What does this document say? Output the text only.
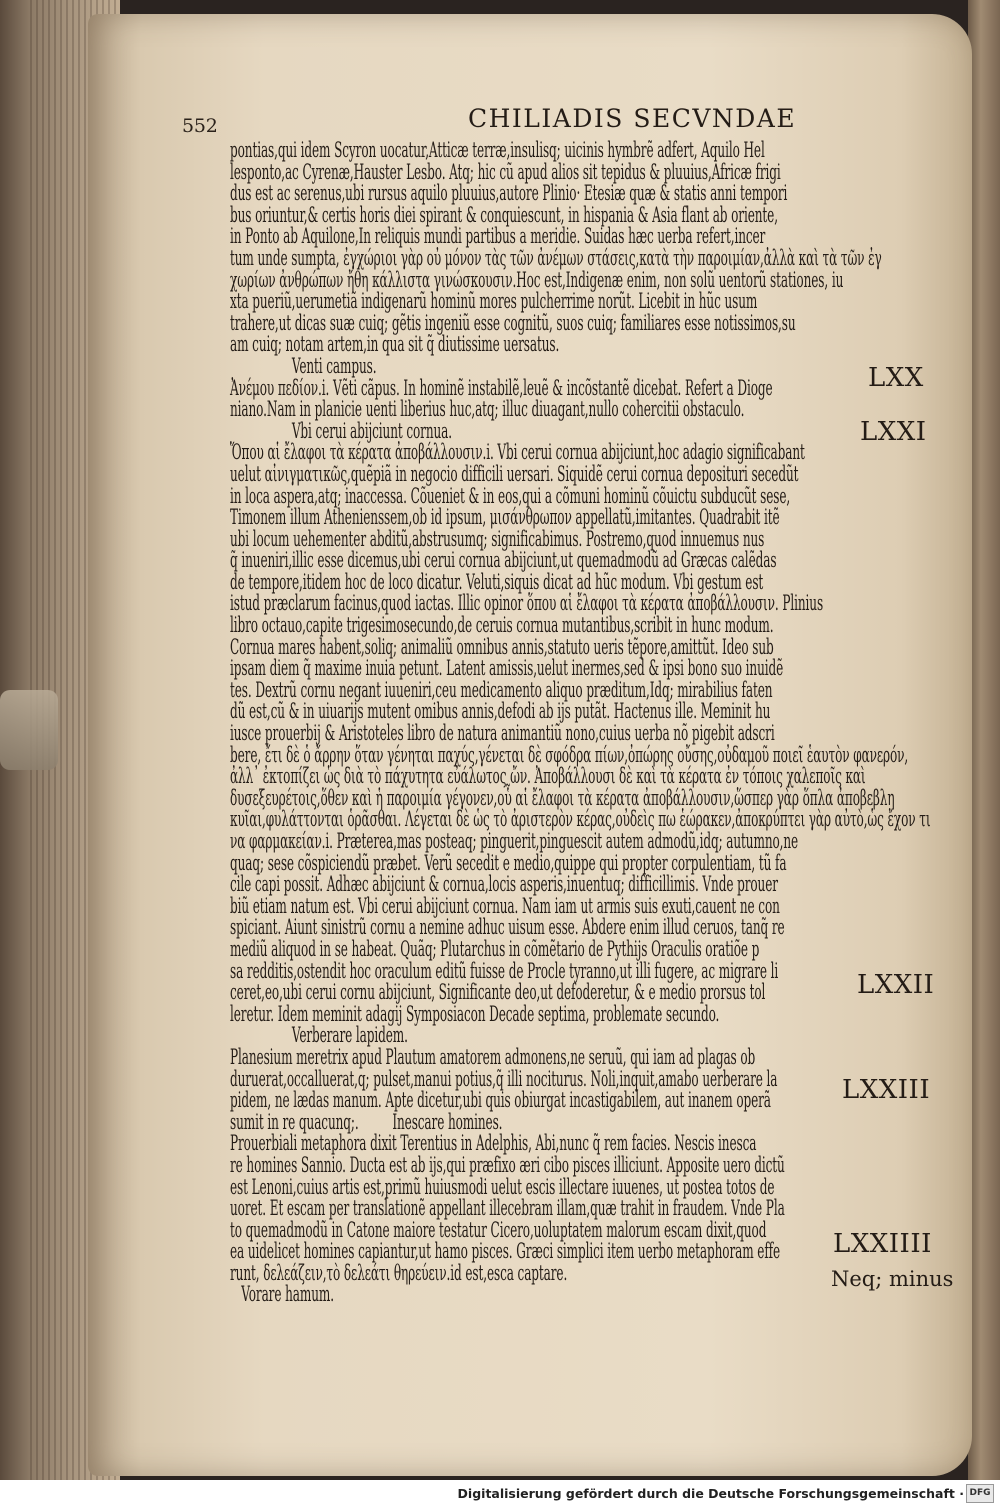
552	CHILIADIS SECVNDAE
pontias,qui idem Scyron uocatur,Atticæ terræ,insulisq; uicinis hymbrẽ adfert, Aquilo Hel
lesponto,ac Cyrenæ,Hauster Lesbo. Atq; hic cũ apud alios sit tepidus & pluuius,Africæ frigi
dus est ac serenus,ubi rursus aquilo pluuius,autore Plinio· Etesiæ quæ & statis anni tempori
bus oriuntur,& certis horis diei spirant & conquiescunt, in hispania & Asia flant ab oriente,
in Ponto ab Aquilone,In reliquis mundi partibus a meridie. Suidas hæc uerba refert,incer
tum unde sumpta, ἐγχώριοι γὰρ οὐ μόνον τὰς τῶν ἀνέμων στάσεις,κατὰ τὴν παροιμίαν,ἀλλὰ καὶ τὰ τῶν ἐγ
χωρίων ἀνθρώπων ἤθη κάλλιστα γινώσκουσιν.Hoc est,Indigenæ enim, non solũ uentorũ stationes, iu
xta pueriũ,uerumetiã indigenarũ hominũ mores pulcherrime norũt. Licebit in hũc usum
trahere,ut dicas suæ cuiq; gẽtis ingeniũ esse cognitũ, suos cuiq; familiares esse notissimos,su
am cuiq; notam artem,in qua sit q̃ diutissime uersatus.
Venti campus.
Ἀνέμου πεδίον.i. Vẽti cãpus. In hominẽ instabilẽ,leuẽ & incõstantẽ dicebat. Refert a Dioge
niano.Nam in planicie uenti liberius huc,atq; illuc diuagant,nullo cohercitii obstaculo.
Vbi cerui abijciunt cornua.
Ὅπου αἱ ἔλαφοι τὰ κέρατα ἀποβάλλουσιν.i. Vbi cerui cornua abijciunt,hoc adagio significabant
uelut αἰνιγματικῶς,quẽpiã in negocio difficili uersari. Siquidẽ cerui cornua deposituri secedũt
in loca aspera,atq; inaccessa. Cõueniet & in eos,qui a cõmuni hominũ cõuictu subducũt sese,
Timonem illum Athenienssem,ob id ipsum, μισάνθρωπον appellatũ,imitantes. Quadrabit itẽ
ubi locum uehementer abditũ,abstrusumq; significabimus. Postremo,quod innuemus nus
q̃ inueniri,illic esse dicemus,ubi cerui cornua abijciunt,ut quemadmodũ ad Græcas calẽdas
de tempore,itidem hoc de loco dicatur. Veluti,siquis dicat ad hũc modum. Vbi gestum est
istud præclarum facinus,quod iactas. Illic opinor ὅπου αἱ ἔλαφοι τὰ κέρατα ἀποβάλλουσιν. Plinius
libro octauo,capite trigesimosecundo,de ceruis cornua mutantibus,scribit in hunc modum.
Cornua mares habent,soliq; animaliũ omnibus annis,statuto ueris tẽpore,amittũt. Ideo sub
ipsam diem q̃ maxime inuia petunt. Latent amissis,uelut inermes,sed & ipsi bono suo inuidẽ
tes. Dextrũ cornu negant iuueniri,ceu medicamento aliquo præditum,Idq; mirabilius faten
dũ est,cũ & in uiuarijs mutent omibus annis,defodi ab ijs putãt. Hactenus ille. Meminit hu
iusce prouerbij & Aristoteles libro de natura animantiũ nono,cuius uerba nõ pigebit adscri
bere, ἔτι δὲ ὁ ἄρρην ὅταν γένηται παχύς,γένεται δὲ σφόδρα πίων,ὀπώρης οὔσης,οὐδαμοῦ ποιεῖ ἑαυτὸν φανερόν,
ἀλλ᾽ ἐκτοπίζει ὡς διὰ τὸ πάχυτητα εὐάλωτος ὤν. Ἀποβάλλουσι δὲ καὶ τὰ κέρατα ἐν τόποις χαλεποῖς καὶ
δυσεξευρέτοις,ὅθεν καὶ ἡ παροιμία γέγονεν,οὗ αἱ ἔλαφοι τὰ κέρατα ἀποβάλλουσιν,ὥσπερ γὰρ ὅπλα ἀποβεβλη
κυῖαι,φυλάττονται ὁρᾶσθαι. Λέγεται δὲ ὡς τὸ ἀριστερὸν κέρας,οὐδεὶς πω ἑώρακεν,ἀποκρύπτει γὰρ αὐτὸ,ὡς ἔχον τι
να φαρμακείαν.i. Præterea,mas posteaq; pinguerit,pinguescit autem admodũ,idq; autumno,ne
quaq; sese cõspiciendũ præbet. Verũ secedit e medio,quippe qui propter corpulentiam, tũ fa
cile capi possit. Adhæc abijciunt & cornua,locis asperis,inuentuq; difficillimis. Vnde prouer
biũ etiam natum est. Vbi cerui abijciunt cornua. Nam iam ut armis suis exuti,cauent ne con
spiciant. Aiunt sinistrũ cornu a nemine adhuc uisum esse. Abdere enim illud ceruos, tanq̃ re
mediũ aliquod in se habeat. Quãq; Plutarchus in cõmẽtario de Pythijs Oraculis oratiõe p
sa redditis,ostendit hoc oraculum editũ fuisse de Procle tyranno,ut illi fugere, ac migrare li
ceret,eo,ubi cerui cornu abijciunt, Significante deo,ut defoderetur, & e medio prorsus tol
leretur. Idem meminit adagij Symposiacon Decade septima, problemate secundo.
Verberare lapidem.
Planesium meretrix apud Plautum amatorem admonens,ne seruũ, qui iam ad plagas ob
duruerat,occalluerat,q; pulset,manui potius,q̃ illi nociturus. Noli,inquit,amabo uerberare la
pidem, ne lædas manum. Apte dicetur,ubi quis obiurgat incastigabilem, aut inanem operã
sumit in re quacunq;. Inescare homines.
Prouerbiali metaphora dixit Terentius in Adelphis, Abi,nunc q̃ rem facies. Nescis inesca
re homines Sannio. Ducta est ab ijs,qui præfixo æri cibo pisces illiciunt. Apposite uero dictũ
est Lenoni,cuius artis est,primũ huiusmodi uelut escis illectare iuuenes, ut postea totos de
uoret. Et escam per translationẽ appellant illecebram illam,quæ trahit in fraudem. Vnde Pla
to quemadmodũ in Catone maiore testatur Cicero,uoluptatem malorum escam dixit,quod
ea uidelicet homines capiantur,ut hamo pisces. Græci simplici item uerbo metaphoram effe
runt, δελεάζειν,τὸ δελεάτι θηρεύειν.id est,esca captare.
Vorare hamum.
LXX
LXXI
LXXII
LXXIII
LXXIIII
Neq; minus
Digitalisierung gefördert durch die Deutsche Forschungsgemeinschaft · DFG
